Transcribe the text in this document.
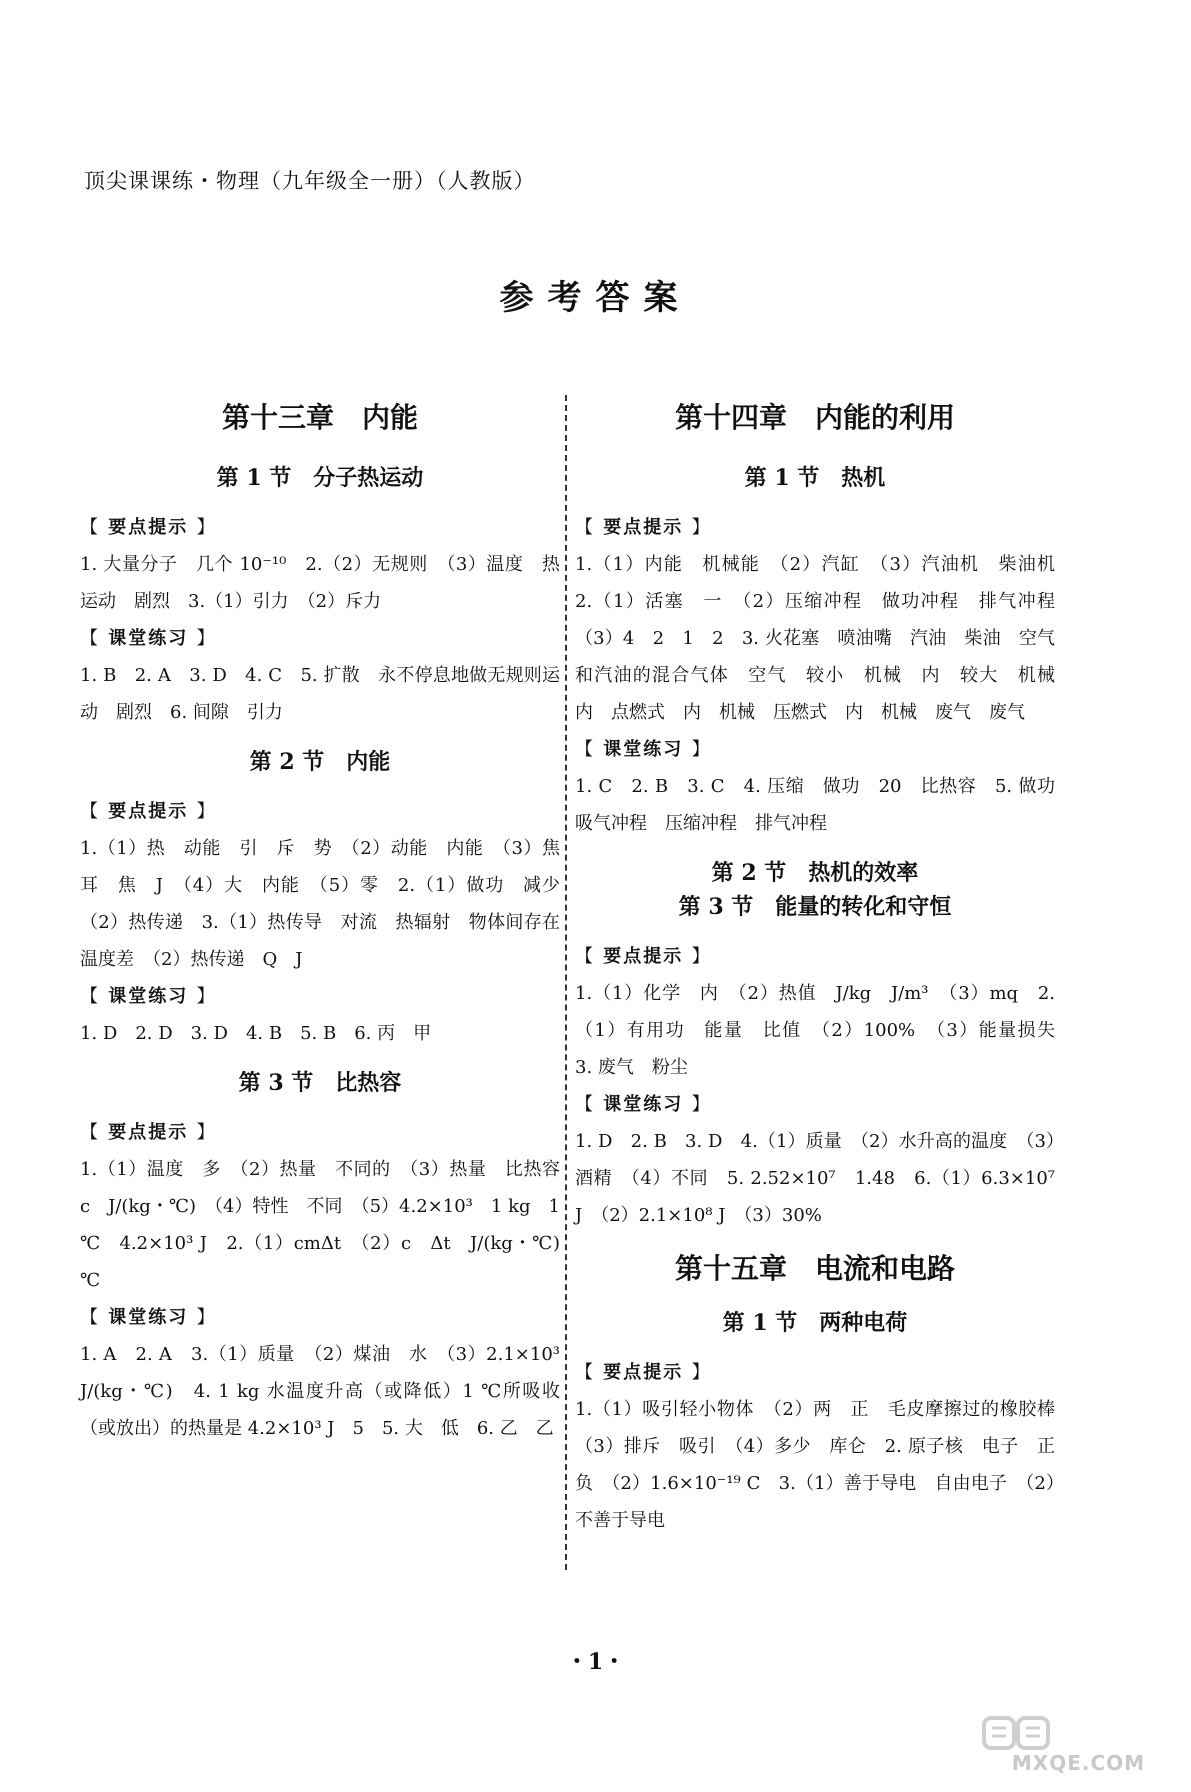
顶尖课课练・物理（九年级全一册）（人教版）
参考答案
第十三章　内能
第 1 节　分子热运动
【 要点提示 】

1. 大量分子　几个 10⁻¹⁰　2.（2）无规则　（3）温度　热运动　剧烈　3.（1）引力　（2）斥力

【 课堂练习 】

1. B　2. A　3. D　4. C　5. 扩散　永不停息地做无规则运动　剧烈　6. 间隙　引力

第 2 节　内能
【 要点提示 】

1.（1）热　动能　引　斥　势　（2）动能　内能　（3）焦耳　焦　J　（4）大　内能　（5）零　2.（1）做功　减少　（2）热传递　3.（1）热传导　对流　热辐射　物体间存在温度差　（2）热传递　Q　J

【 课堂练习 】

1. D　2. D　3. D　4. B　5. B　6. 丙　甲

第 3 节　比热容
【 要点提示 】

1.（1）温度　多　（2）热量　不同的　（3）热量　比热容　c　J/(kg・℃)　（4）特性　不同　（5）4.2×10³　1 kg　1 ℃　4.2×10³ J　2.（1）cmΔt　（2）c　Δt　J/(kg・℃)　℃

【 课堂练习 】

1. A　2. A　3.（1）质量　（2）煤油　水　（3）2.1×10³ J/(kg・℃)　4. 1 kg 水温度升高（或降低）1 ℃所吸收（或放出）的热量是 4.2×10³ J　5　5. 大　低　6. 乙　乙

第十四章　内能的利用
第 1 节　热机
【 要点提示 】

1.（1）内能　机械能　（2）汽缸　（3）汽油机　柴油机　2.（1）活塞　一　（2）压缩冲程　做功冲程　排气冲程　（3）4　2　1　2　3. 火花塞　喷油嘴　汽油　柴油　空气和汽油的混合气体　空气　较小　机械　内　较大　机械　内　点燃式　内　机械　压燃式　内　机械　废气　废气

【 课堂练习 】

1. C　2. B　3. C　4. 压缩　做功　20　比热容　5. 做功　吸气冲程　压缩冲程　排气冲程

第 2 节　热机的效率
第 3 节　能量的转化和守恒
【 要点提示 】

1.（1）化学　内　（2）热值　J/kg　J/m³　（3）mq　2.（1）有用功　能量　比值　（2）100%　（3）能量损失　3. 废气　粉尘

【 课堂练习 】

1. D　2. B　3. D　4.（1）质量　（2）水升高的温度　（3）酒精　（4）不同　5. 2.52×10⁷　1.48　6.（1）6.3×10⁷ J　（2）2.1×10⁸ J　（3）30%

第十五章　电流和电路
第 1 节　两种电荷
【 要点提示 】

1.（1）吸引轻小物体　（2）两　正　毛皮摩擦过的橡胶棒　（3）排斥　吸引　（4）多少　库仑　2. 原子核　电子　正　负　（2）1.6×10⁻¹⁹ C　3.（1）善于导电　自由电子　（2）不善于导电

・1・
MXQE.COM
